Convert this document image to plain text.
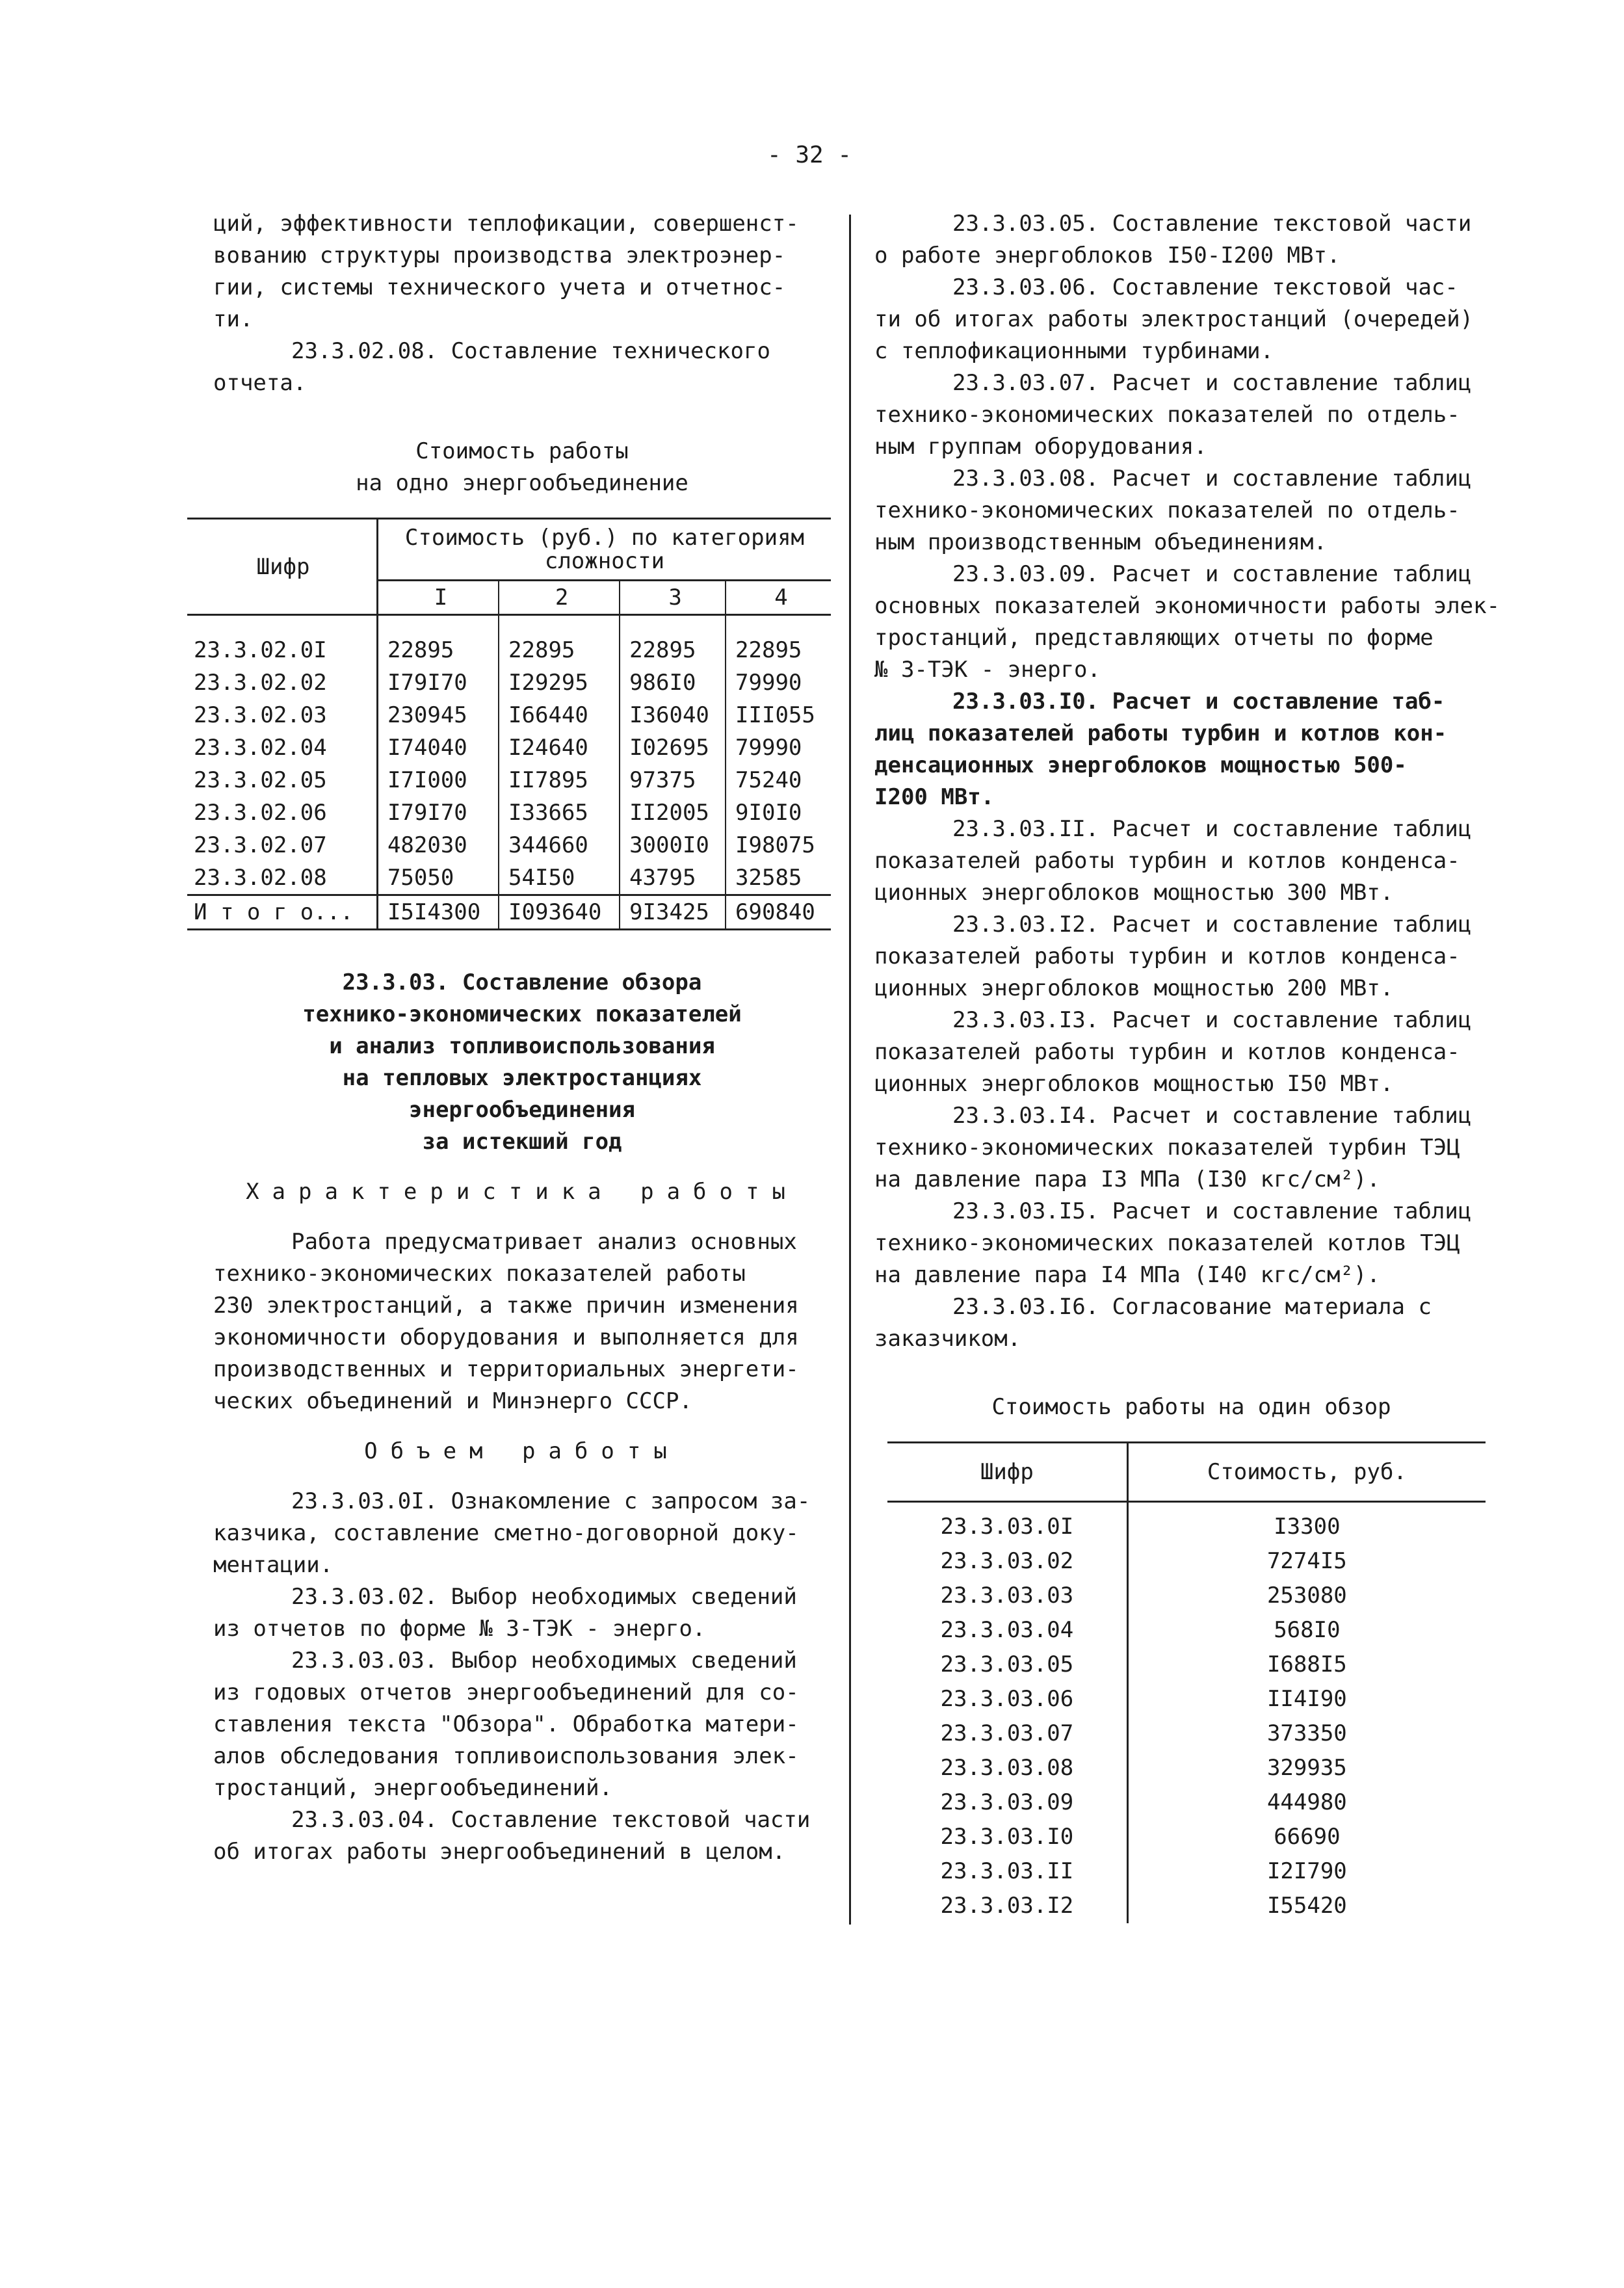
- 32 -

ций, эффективности теплофикации, совершенст-
вованию структуры производства электроэнер-
гии, системы технического учета и отчетнос-
ти.

23.3.02.08. Составление технического
отчета.

Стоимость работы
на одно энергообъединение

Шифр	Стоимость (руб.) по категориям
сложности			
	I	2	3	4
23.3.02.0I	22895	22895	22895	22895
23.3.02.02	I79I70	I29295	986I0	79990
23.3.02.03	230945	I66440	I36040	III055
23.3.02.04	I74040	I24640	I02695	79990
23.3.02.05	I7I000	II7895	97375	75240
23.3.02.06	I79I70	I33665	II2005	9I0I0
23.3.02.07	482030	344660	3000I0	I98075
23.3.02.08	75050	54I50	43795	32585
И т о г о...	I5I4300	I093640	9I3425	690840

23.3.03. Составление обзора
технико-экономических показателей
и анализ топливоиспользования
на тепловых электростанциях
энергообъединения
за истекший год

Характеристика работы

Работа предусматривает анализ основных
технико-экономических показателей работы
230 электростанций, а также причин изменения
экономичности оборудования и выполняется для
производственных и территориальных энергети-
ческих объединений и Минэнерго СССР.

Объем работы

23.3.03.0I. Ознакомление с запросом за-
казчика, составление сметно-договорной доку-
ментации.

23.3.03.02. Выбор необходимых сведений
из отчетов по форме № 3-ТЭК - энерго.

23.3.03.03. Выбор необходимых сведений
из годовых отчетов энергообъединений для со-
ставления текста "Обзора". Обработка матери-
алов обследования топливоиспользования элек-
тростанций, энергообъединений.

23.3.03.04. Составление текстовой части
об итогах работы энергообъединений в целом.

23.3.03.05. Составление текстовой части
о работе энергоблоков I50-I200 МВт.

23.3.03.06. Составление текстовой час-
ти об итогах работы электростанций (очередей)
с теплофикационными турбинами.

23.3.03.07. Расчет и составление таблиц
технико-экономических показателей по отдель-
ным группам оборудования.

23.3.03.08. Расчет и составление таблиц
технико-экономических показателей по отдель-
ным производственным объединениям.

23.3.03.09. Расчет и составление таблиц
основных показателей экономичности работы элек-
тростанций, представляющих отчеты по форме
№ 3-ТЭК - энерго.

23.3.03.I0. Расчет и составление таб-
лиц показателей работы турбин и котлов кон-
денсационных энергоблоков мощностью 500-
I200 МВт.

23.3.03.II. Расчет и составление таблиц
показателей работы турбин и котлов конденса-
ционных энергоблоков мощностью 300 МВт.

23.3.03.I2. Расчет и составление таблиц
показателей работы турбин и котлов конденса-
ционных энергоблоков мощностью 200 МВт.

23.3.03.I3. Расчет и составление таблиц
показателей работы турбин и котлов конденса-
ционных энергоблоков мощностью I50 МВт.

23.3.03.I4. Расчет и составление таблиц
технико-экономических показателей турбин ТЭЦ
на давление пара I3 МПа (I30 кгс/см²).

23.3.03.I5. Расчет и составление таблиц
технико-экономических показателей котлов ТЭЦ
на давление пара I4 МПа (I40 кгс/см²).

23.3.03.I6. Согласование материала с
заказчиком.

Стоимость работы на один обзор

Шифр	Стоимость, руб.
23.3.03.0I	I3300
23.3.03.02	7274I5
23.3.03.03	253080
23.3.03.04	568I0
23.3.03.05	I688I5
23.3.03.06	II4I90
23.3.03.07	373350
23.3.03.08	329935
23.3.03.09	444980
23.3.03.I0	66690
23.3.03.II	I2I790
23.3.03.I2	I55420
